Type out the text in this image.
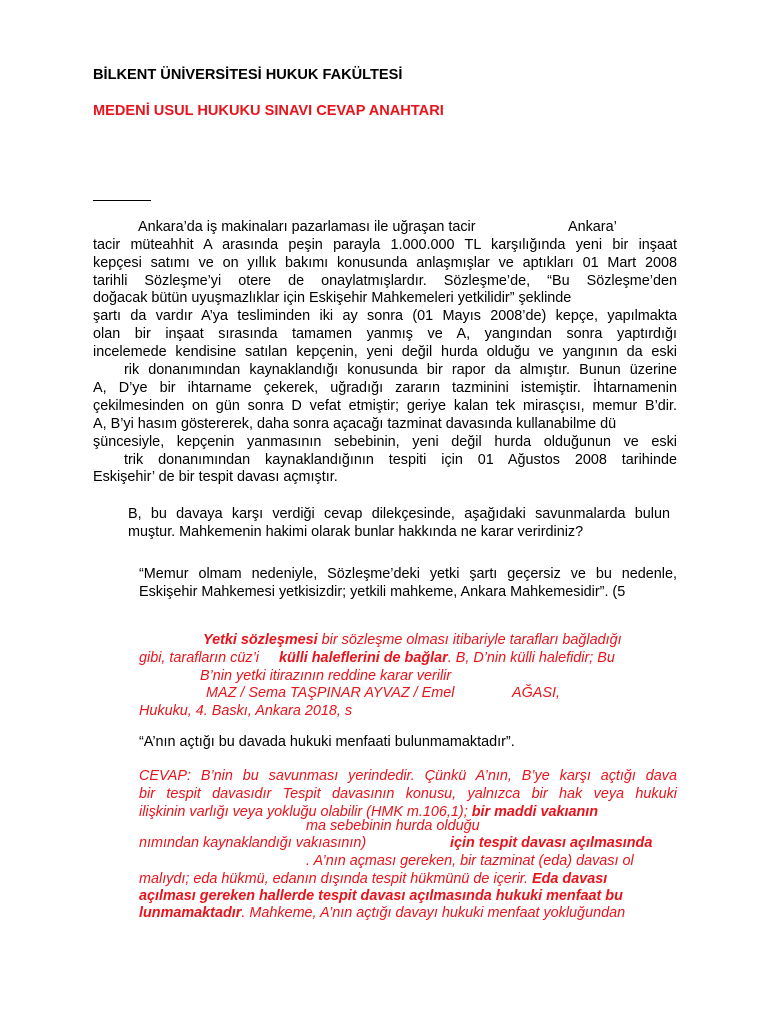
BİLKENT ÜNİVERSİTESİ HUKUK FAKÜLTESİ
MEDENİ USUL HUKUKU SINAVI CEVAP ANAHTARI
Ankara’da iş makinaları pazarlaması ile uğraşan tacir	Ankara’
tacir müteahhit A arasında peşin parayla 1.000.000 TL karşılığında yeni bir inşaat
kepçesi satımı ve on yıllık bakımı konusunda anlaşmışlar ve aptıkları 01 Mart 2008
tarihli Sözleşme’yi otere de onaylatmışlardır. Sözleşme’de, “Bu Sözleşme’den
doğacak bütün uyuşmazlıklar için Eskişehir Mahkemeleri yetkilidir” şeklinde
şartı da vardır A’ya tesliminden iki ay sonra (01 Mayıs 2008’de) kepçe, yapılmakta
olan bir inşaat sırasında tamamen yanmış ve A, yangından sonra yaptırdığı
incelemede kendisine satılan kepçenin, yeni değil hurda olduğu ve yangının da eski
rik donanımından kaynaklandığı konusunda bir rapor da almıştır. Bunun üzerine
A, D’ye bir ihtarname çekerek, uğradığı zararın tazminini istemiştir. İhtarnamenin
çekilmesinden on gün sonra D vefat etmiştir; geriye kalan tek mirasçısı, memur B’dir.
A, B’yi hasım göstererek, daha sonra açacağı tazminat davasında kullanabilme dü
şüncesiyle, kepçenin yanmasının sebebinin, yeni değil hurda olduğunun ve eski
trik donanımından kaynaklandığının tespiti için 01 Ağustos 2008 tarihinde
Eskişehir’ de bir tespit davası açmıştır.
B, bu davaya karşı verdiği cevap dilekçesinde, aşağıdaki savunmalarda bulun
muştur. Mahkemenin hakimi olarak bunlar hakkında ne karar verirdiniz?
“Memur olmam nedeniyle, Sözleşme’deki yetki şartı geçersiz ve bu nedenle,
Eskişehir Mahkemesi yetkisizdir; yetkili mahkeme, Ankara Mahkemesidir”. (5
Yetki sözleşmesi bir sözleşme olması itibariyle tarafları bağladığı
gibi, tarafların cüz’i külli haleflerini de bağlar. B, D’nin külli halefidir; Bu
B’nin yetki itirazının reddine karar verilir
MAZ / Sema TAŞPINAR AYVAZ / Emel	AĞASI,
Hukuku, 4. Baskı, Ankara 2018, s
“A’nın açtığı bu davada hukuki menfaati bulunmamaktadır”.
CEVAP: B’nin bu savunması yerindedir. Çünkü A’nın, B’ye karşı açtığı dava
bir tespit davasıdır Tespit davasının konusu, yalnızca bir hak veya hukuki
ilişkinin varlığı veya yokluğu olabilir (HMK m.106,1); bir maddi vakıanın
ma sebebinin hurda olduğu
nımından kaynaklandığı vakıasının)	için tespit davası açılmasında
. A’nın açması gereken, bir tazminat (eda) davası ol
malıydı; eda hükmü, edanın dışında tespit hükmünü de içerir. Eda davası
açılması gereken hallerde tespit davası açılmasında hukuki menfaat bu
lunmamaktadır. Mahkeme, A’nın açtığı davayı hukuki menfaat yokluğundan
